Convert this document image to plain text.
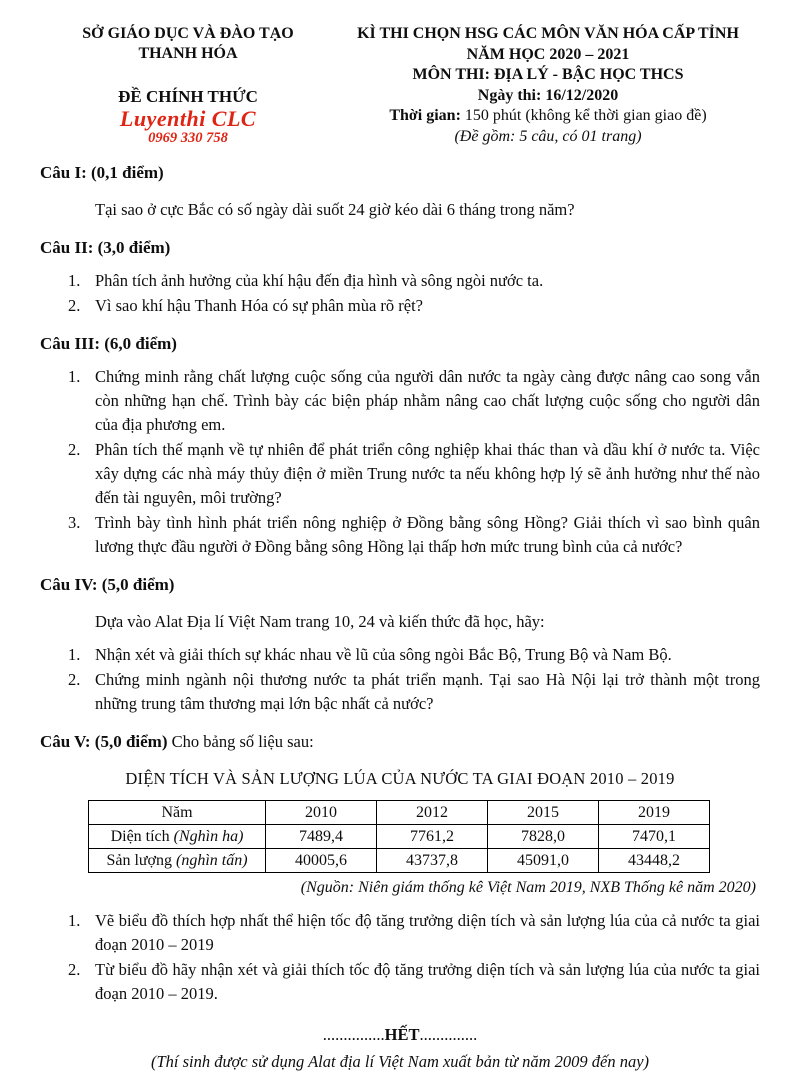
SỞ GIÁO DỤC VÀ ĐÀO TẠO
THANH HÓA
ĐỀ CHÍNH THỨC
Luyenthi CLC
0969 330 758
KÌ THI CHỌN HSG CÁC MÔN VĂN HÓA CẤP TỈNH
NĂM HỌC 2020 – 2021
MÔN THI: ĐỊA LÝ - BẬC HỌC THCS
Ngày thi: 16/12/2020
Thời gian: 150 phút (không kể thời gian giao đề)
(Đề gồm: 5 câu, có 01 trang)
Câu I: (0,1 điểm)
Tại sao ở cực Bắc có số ngày dài suốt 24 giờ kéo dài 6 tháng trong năm?
Câu II: (3,0 điểm)
1. Phân tích ảnh hưởng của khí hậu đến địa hình và sông ngòi nước ta.
2. Vì sao khí hậu Thanh Hóa có sự phân mùa rõ rệt?
Câu III: (6,0 điểm)
1. Chứng minh rằng chất lượng cuộc sống của người dân nước ta ngày càng được nâng cao song vẫn còn những hạn chế. Trình bày các biện pháp nhằm nâng cao chất lượng cuộc sống cho người dân của địa phương em.
2. Phân tích thế mạnh về tự nhiên để phát triển công nghiệp khai thác than và dầu khí ở nước ta. Việc xây dựng các nhà máy thủy điện ở miền Trung nước ta nếu không hợp lý sẽ ảnh hưởng như thế nào đến tài nguyên, môi trường?
3. Trình bày tình hình phát triển nông nghiệp ở Đồng bằng sông Hồng? Giải thích vì sao bình quân lương thực đầu người ở Đồng bằng sông Hồng lại thấp hơn mức trung bình của cả nước?
Câu IV: (5,0 điểm)
Dựa vào Alat Địa lí Việt Nam trang 10, 24 và kiến thức đã học, hãy:
1. Nhận xét và giải thích sự khác nhau về lũ của sông ngòi Bắc Bộ, Trung Bộ và Nam Bộ.
2. Chứng minh ngành nội thương nước ta phát triển mạnh. Tại sao Hà Nội lại trở thành một trong những trung tâm thương mại lớn bậc nhất cả nước?
Câu V: (5,0 điểm) Cho bảng số liệu sau:
DIỆN TÍCH VÀ SẢN LƯỢNG LÚA CỦA NƯỚC TA GIAI ĐOẠN 2010 – 2019
Năm	2010	2012	2015	2019
Diện tích (Nghìn ha)	7489,4	7761,2	7828,0	7470,1
Sản lượng (nghìn tấn)	40005,6	43737,8	45091,0	43448,2
(Nguồn: Niên giám thống kê Việt Nam 2019, NXB Thống kê năm 2020)
1. Vẽ biểu đồ thích hợp nhất thể hiện tốc độ tăng trưởng diện tích và sản lượng lúa của cả nước ta giai đoạn 2010 – 2019
2. Từ biểu đồ hãy nhận xét và giải thích tốc độ tăng trưởng diện tích và sản lượng lúa của nước ta giai đoạn 2010 – 2019.
...............HẾT..............
(Thí sinh được sử dụng Alat địa lí Việt Nam xuất bản từ năm 2009 đến nay)
